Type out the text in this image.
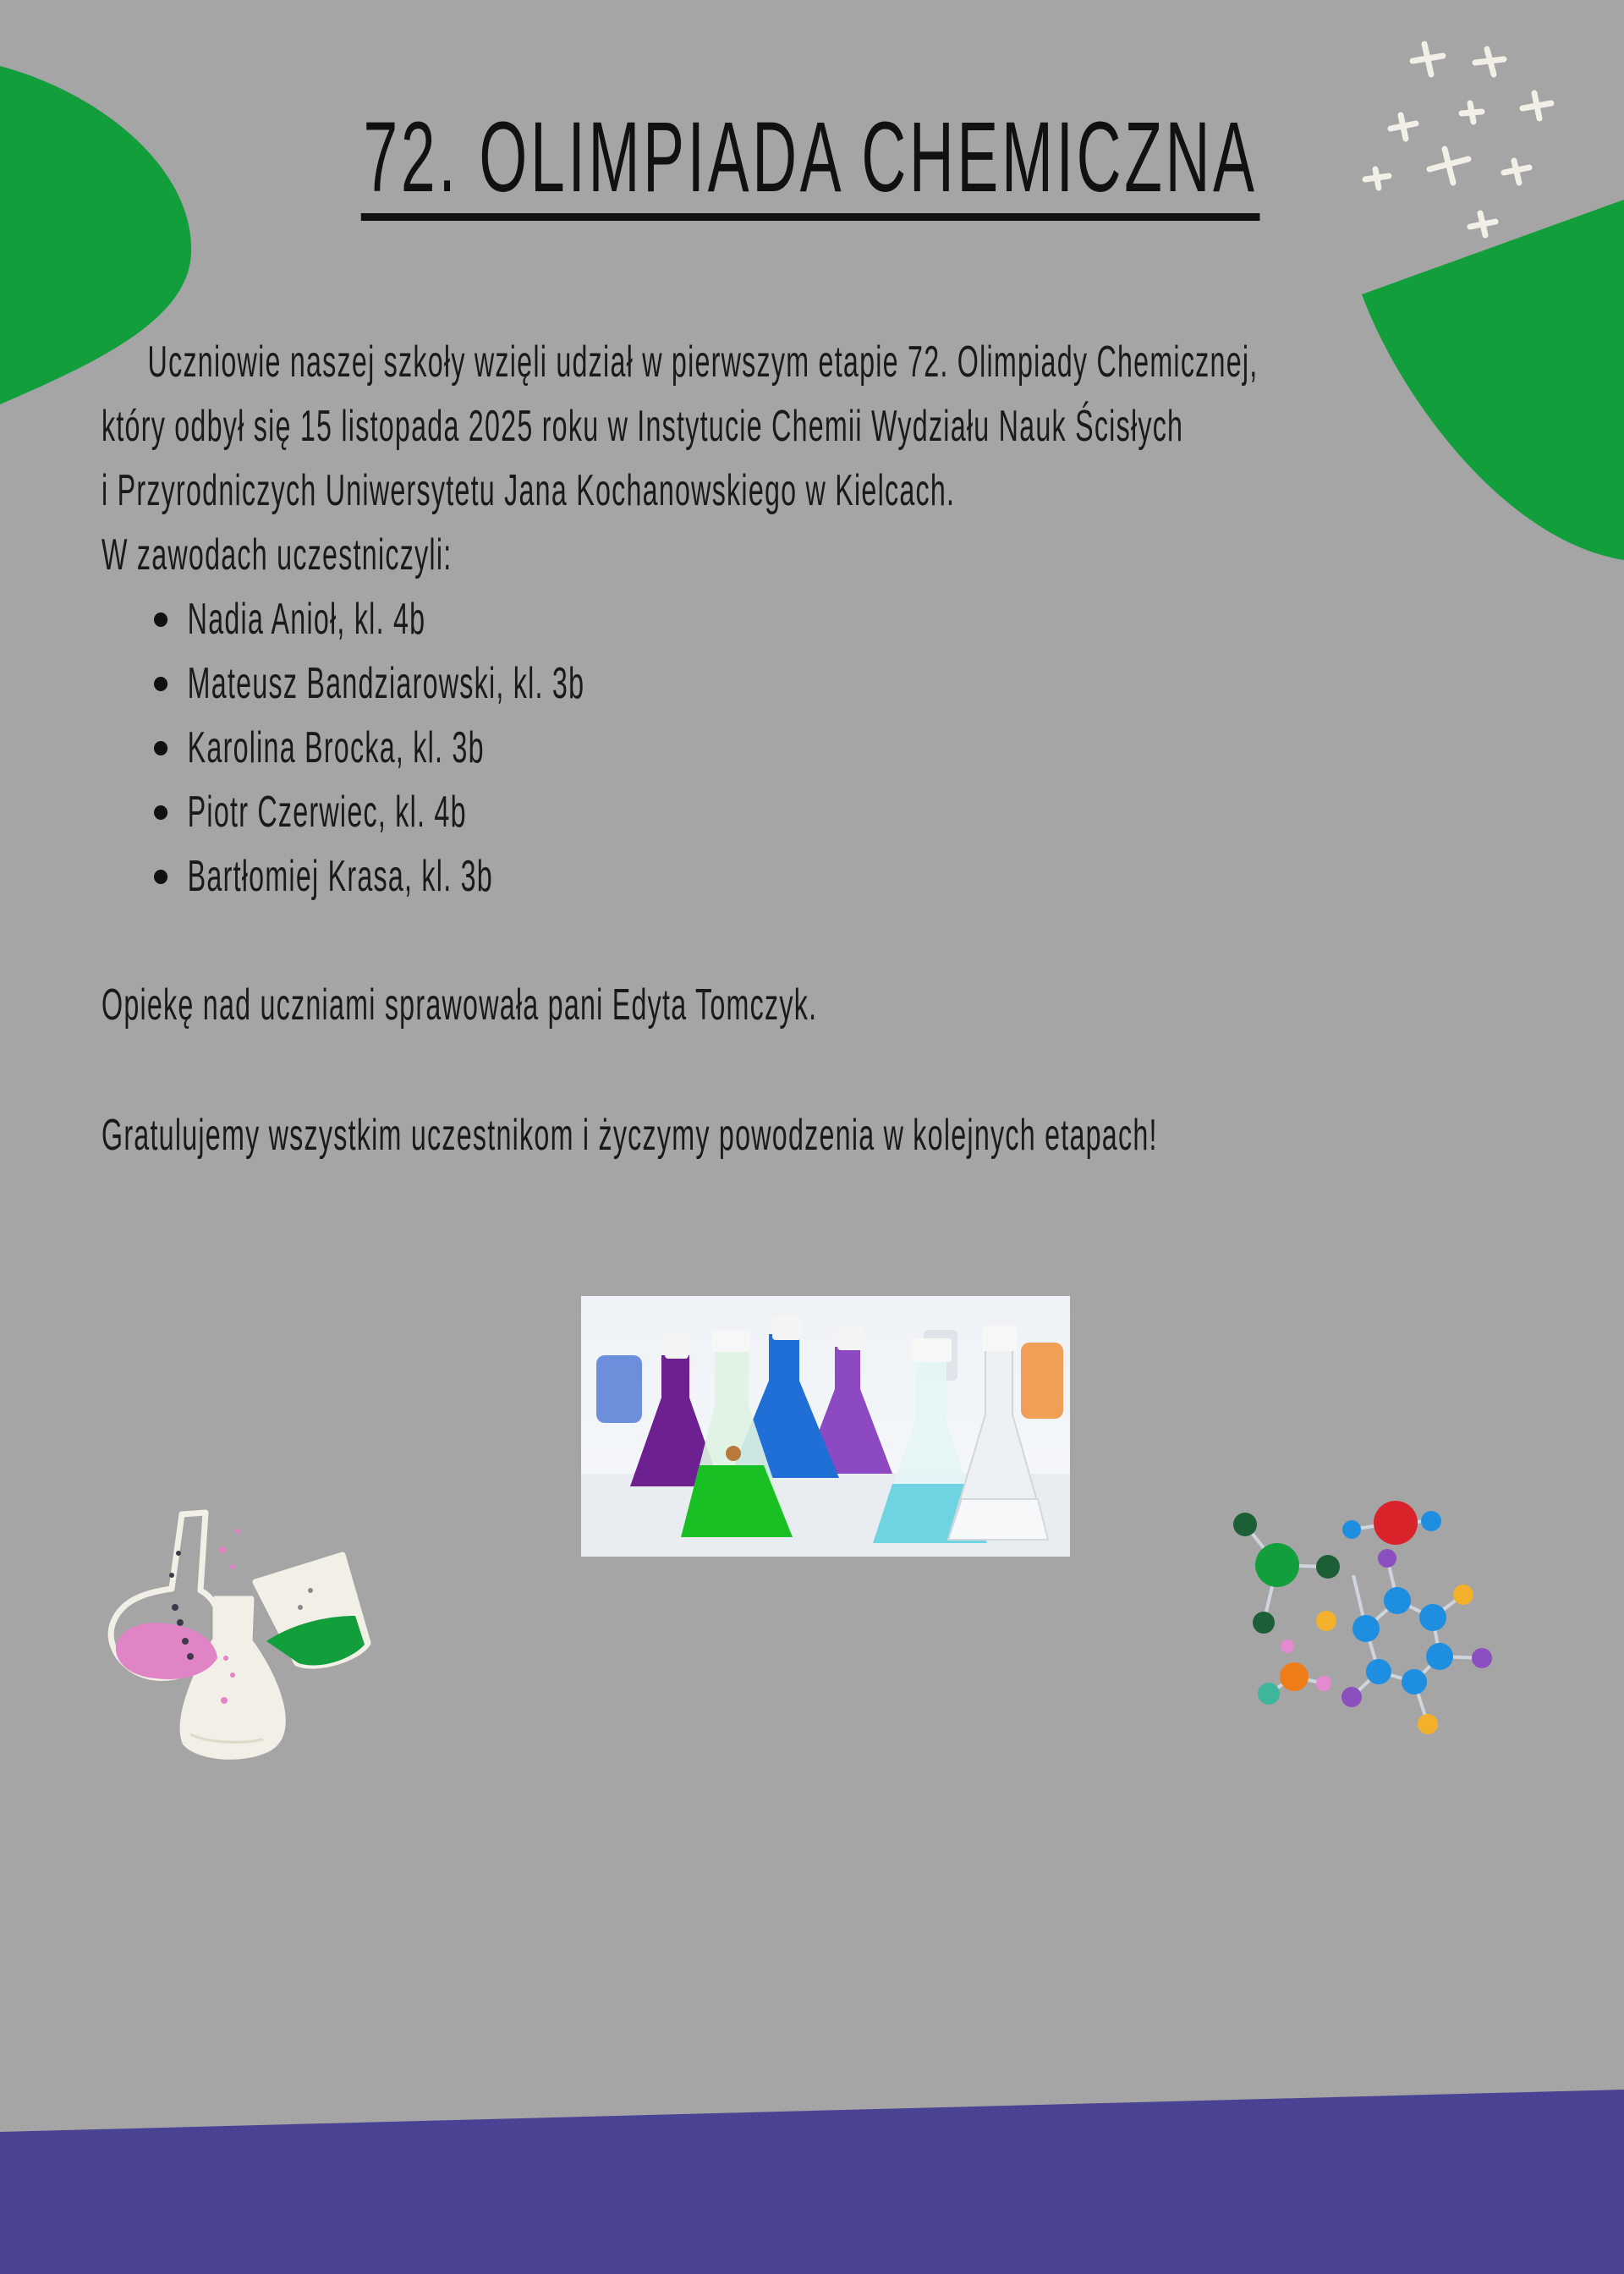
72. OLIMPIADA CHEMICZNA

Uczniowie naszej szkoły wzięli udział w pierwszym etapie 72. Olimpiady Chemicznej,

który odbył się 15 listopada 2025 roku w Instytucie Chemii Wydziału Nauk Ścisłych

i Przyrodniczych Uniwersytetu Jana Kochanowskiego w Kielcach.

W zawodach uczestniczyli:

Nadia Anioł, kl. 4b
Mateusz Bandziarowski, kl. 3b
Karolina Brocka, kl. 3b
Piotr Czerwiec, kl. 4b
Bartłomiej Krasa, kl. 3b

Opiekę nad uczniami sprawowała pani Edyta Tomczyk.

Gratulujemy wszystkim uczestnikom i życzymy powodzenia w kolejnych etapach!
